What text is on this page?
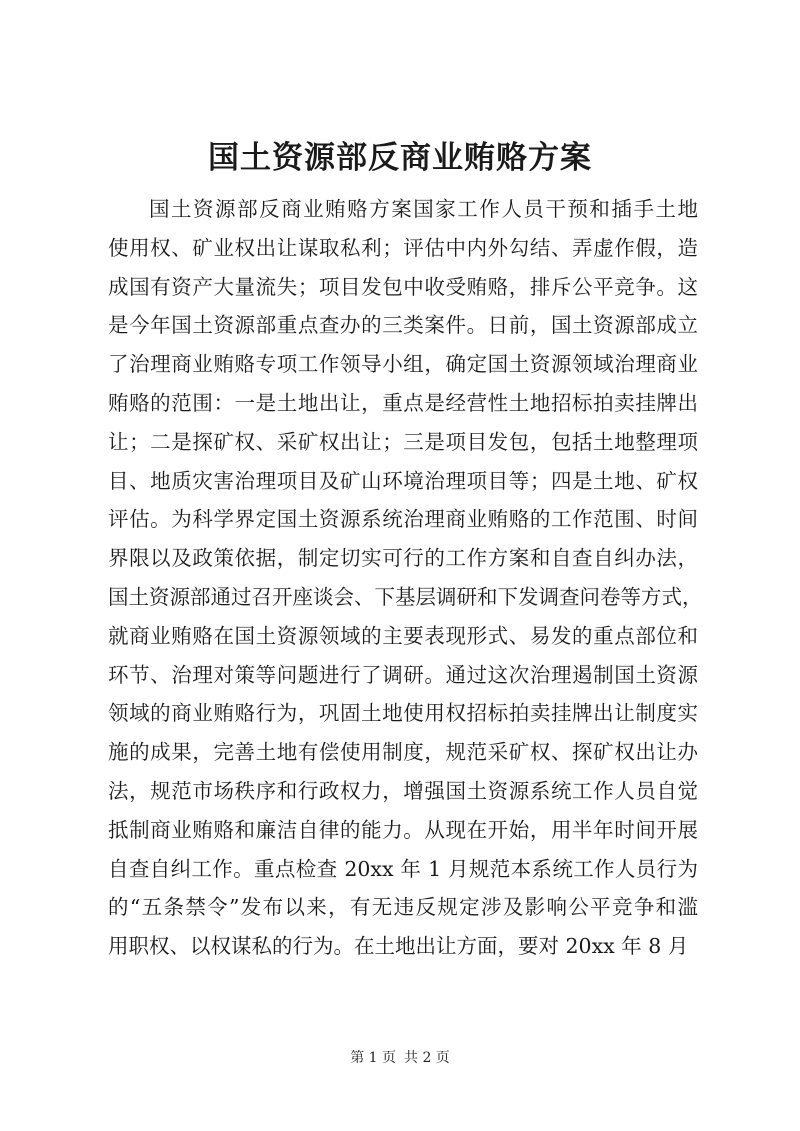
国土资源部反商业贿赂方案
国土资源部反商业贿赂方案国家工作人员干预和插手土地
使用权、矿业权出让谋取私利；评估中内外勾结、弄虚作假，造
成国有资产大量流失；项目发包中收受贿赂，排斥公平竞争。这
是今年国土资源部重点查办的三类案件。日前，国土资源部成立
了治理商业贿赂专项工作领导小组，确定国土资源领域治理商业
贿赂的范围：一是土地出让，重点是经营性土地招标拍卖挂牌出
让；二是探矿权、采矿权出让；三是项目发包，包括土地整理项
目、地质灾害治理项目及矿山环境治理项目等；四是土地、矿权
评估。为科学界定国土资源系统治理商业贿赂的工作范围、时间
界限以及政策依据，制定切实可行的工作方案和自查自纠办法，
国土资源部通过召开座谈会、下基层调研和下发调查问卷等方式，
就商业贿赂在国土资源领域的主要表现形式、易发的重点部位和
环节、治理对策等问题进行了调研。通过这次治理遏制国土资源
领域的商业贿赂行为，巩固土地使用权招标拍卖挂牌出让制度实
施的成果，完善土地有偿使用制度，规范采矿权、探矿权出让办
法，规范市场秩序和行政权力，增强国土资源系统工作人员自觉
抵制商业贿赂和廉洁自律的能力。从现在开始，用半年时间开展
自查自纠工作。重点检查 20xx 年 1 月规范本系统工作人员行为
的“五条禁令”发布以来，有无违反规定涉及影响公平竞争和滥
用职权、以权谋私的行为。在土地出让方面，要对 20xx 年 8 月
第 1 页 共 2 页
